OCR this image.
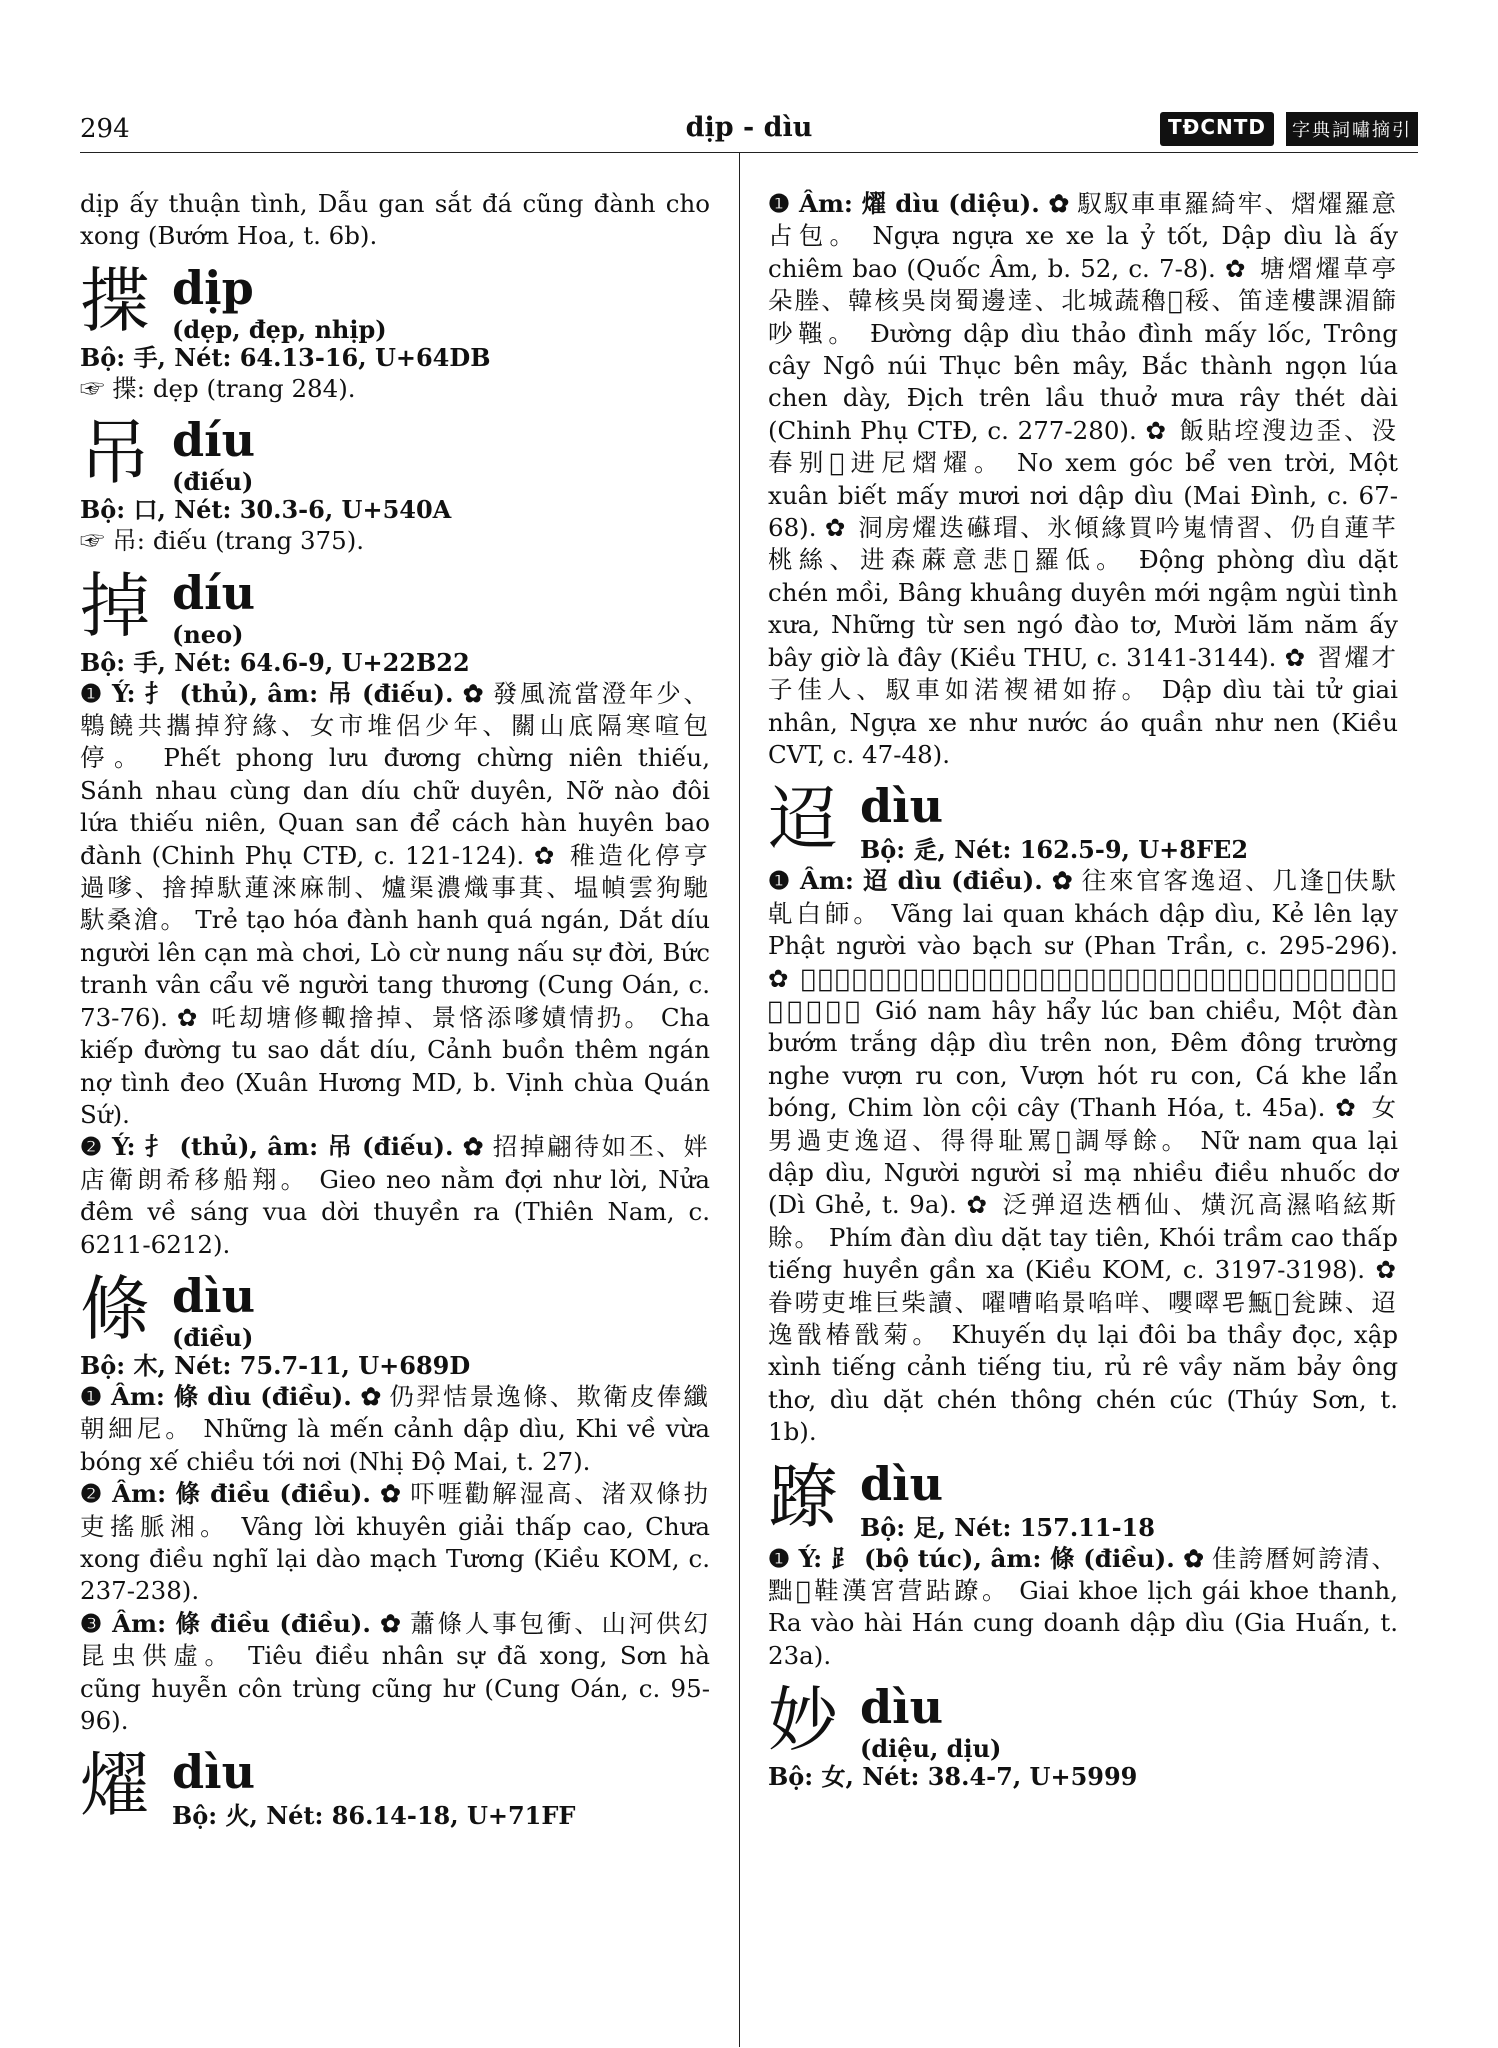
294	dịp - dìu	TĐCNTD	字典詞嘯摘引

dịp ấy thuận tình, Dẫu gan sắt đá cũng đành cho xong (Bướm Hoa, t. 6b).

揲 dịp
(dẹp, đẹp, nhịp)

Bộ: 手, Nét: 64.13-16, U+64DB

☞ 揲: dẹp (trang 284).

吊 díu
(điếu)

Bộ: 口, Nét: 30.3-6, U+540A

☞ 吊: điếu (trang 375).

掉 díu
(neo)

Bộ: 手, Nét: 64.6-9, U+22B22

❶ Ý: 扌 (thủ), âm: 吊 (điếu). ✿ 發風流當澄年少、鵯饒共攜掉狩緣、女市堆侶少年、關山底隔寒喧包停。 Phết phong lưu đương chừng niên thiếu, Sánh nhau cùng dan díu chữ duyên, Nỡ nào đôi lứa thiếu niên, Quan san để cách hàn huyên bao đành (Chinh Phụ CTĐ, c. 121-124). ✿ 稚造化停亨過嗲、摿掉馱蓮淶麻制、爐渠濃熾事萁、塭幀雲狗馳馱桑滄。 Trẻ tạo hóa đành hanh quá ngán, Dắt díu người lên cạn mà chơi, Lò cừ nung nấu sự đời, Bức tranh vân cẩu vẽ người tang thương (Cung Oán, c. 73-76). ✿ 吒刧塘修輙摿掉、景悋添嗲嫧情扔。 Cha kiếp đường tu sao dắt díu, Cảnh buồn thêm ngán nợ tình đeo (Xuân Hương MD, b. Vịnh chùa Quán Sứ).

❷ Ý: 扌 (thủ), âm: 吊 (điếu). ✿ 招掉翩待如丕、姅店衛朗希移船翔。 Gieo neo nằm đợi như lời, Nửa đêm về sáng vua dời thuyền ra (Thiên Nam, c. 6211-6212).

條 dìu
(điều)

Bộ: 木, Nét: 75.7-11, U+689D

❶ Âm: 條 dìu (điều). ✿ 仍羿恄景逸條、欺衛皮俸纖朝細尼。 Những là mến cảnh dập dìu, Khi về vừa bóng xế chiều tới nơi (Nhị Độ Mai, t. 27).

❷ Âm: 條 điều (điều). ✿ 吓啀勸解湿高、渚双條扐吏搖脈湘。 Vâng lời khuyên giải thấp cao, Chưa xong điều nghĩ lại dào mạch Tương (Kiều KOM, c. 237-238).

❸ Âm: 條 điều (điều). ✿ 蕭條人事包衝、山河供幻昆虫供虛。 Tiêu điều nhân sự đã xong, Sơn hà cũng huyễn côn trùng cũng hư (Cung Oán, c. 95-96).

燿 dìu
Bộ: 火, Nét: 86.14-18, U+71FF

❶ Âm: 燿 dìu (diệu). ✿ 馭馭車車羅綺牢、熠燿羅意占包。 Ngựa ngựa xe xe la ỷ tốt, Dập dìu là ấy chiêm bao (Quốc Âm, b. 52, c. 7-8). ✿ 塘熠燿草亭朵塍、韓核吳岗蜀邊逹、北城蔬穭𤭸䅑、笛逹樓課湄篩吵䩶。 Đường dập dìu thảo đình mấy lốc, Trông cây Ngô núi Thục bên mây, Bắc thành ngọn lúa chen dày, Địch trên lầu thuở mưa rây thét dài (Chinh Phụ CTĐ, c. 277-280). ✿ 飯貼埪溲边歪、没春别𠃣进尼熠燿。 No xem góc bể ven trời, Một xuân biết mấy mươi nơi dập dìu (Mai Đình, c. 67-68). ✿ 洞房燿迭𥗹瑁、氷傾緣買吟嵬情習、仍自蓮芊桃絲、进森蔴意悲𠱋羅低。 Động phòng dìu dặt chén mồi, Bâng khuâng duyên mới ngậm ngùi tình xưa, Những từ sen ngó đào tơ, Mười lăm năm ấy bây giờ là đây (Kiều THU, c. 3141-3144). ✿ 習燿才子佳人、馭車如渃褉裙如拵。 Dập dìu tài tử giai nhân, Ngựa xe như nước áo quần như nen (Kiều CVT, c. 47-48).

迢 dìu
Bộ: 辵, Nét: 162.5-9, U+8FE2

❶ Âm: 迢 dìu (điều). ✿ 往來官客逸迢、几逢𢫝伕馱𠃵白師。 Vãng lai quan khách dập dìu, Kẻ lên lạy Phật người vào bạch sư (Phan Trần, c. 295-296). ✿ 𤞻南喜喜盺班朝、没弹蚌𣈜逸迢連嫩、𤈞冬長暄猿呥𦽻、猿吻呥𦽻、亇溪吝膝、鴗𠶀檜核。 Gió nam hây hẩy lúc ban chiều, Một đàn bướm trắng dập dìu trên non, Đêm đông trường nghe vượn ru con, Vượn hót ru con, Cá khe lẩn bóng, Chim lòn cội cây (Thanh Hóa, t. 45a). ✿ 女男過吏逸迢、得得耻罵𢽼調辱餘。 Nữ nam qua lại dập dìu, Người người sỉ mạ nhiều điều nhuốc dơ (Dì Ghẻ, t. 9a). ✿ 泛弹迢迭栖仙、熿沉高濕啗絃斯賖。 Phím đàn dìu dặt tay tiên, Khói trầm cao thấp tiếng huyền gần xa (Kiều KOM, c. 3197-3198). ✿ 眷唠吏堆巨柴讀、嚁嘈啗景啗咩、嚶噿𦉱甒𦟸瓮踈、迢逸戩椿戩菊。 Khuyến dụ lại đôi ba thầy đọc, xập xình tiếng cảnh tiếng tiu, rủ rê vầy năm bảy ông thơ, dìu dặt chén thông chén cúc (Thúy Sơn, t. 1b).

蹽 dìu
Bộ: 足, Nét: 157.11-18

❶ Ý: ⻊ (bộ túc), âm: 條 (điều). ✿ 佳誇曆妸誇清、黜𠓨鞋漢宮营跕蹽。 Giai khoe lịch gái khoe thanh, Ra vào hài Hán cung doanh dập dìu (Gia Huấn, t. 23a).

妙 dìu
(diệu, dịu)

Bộ: 女, Nét: 38.4-7, U+5999
